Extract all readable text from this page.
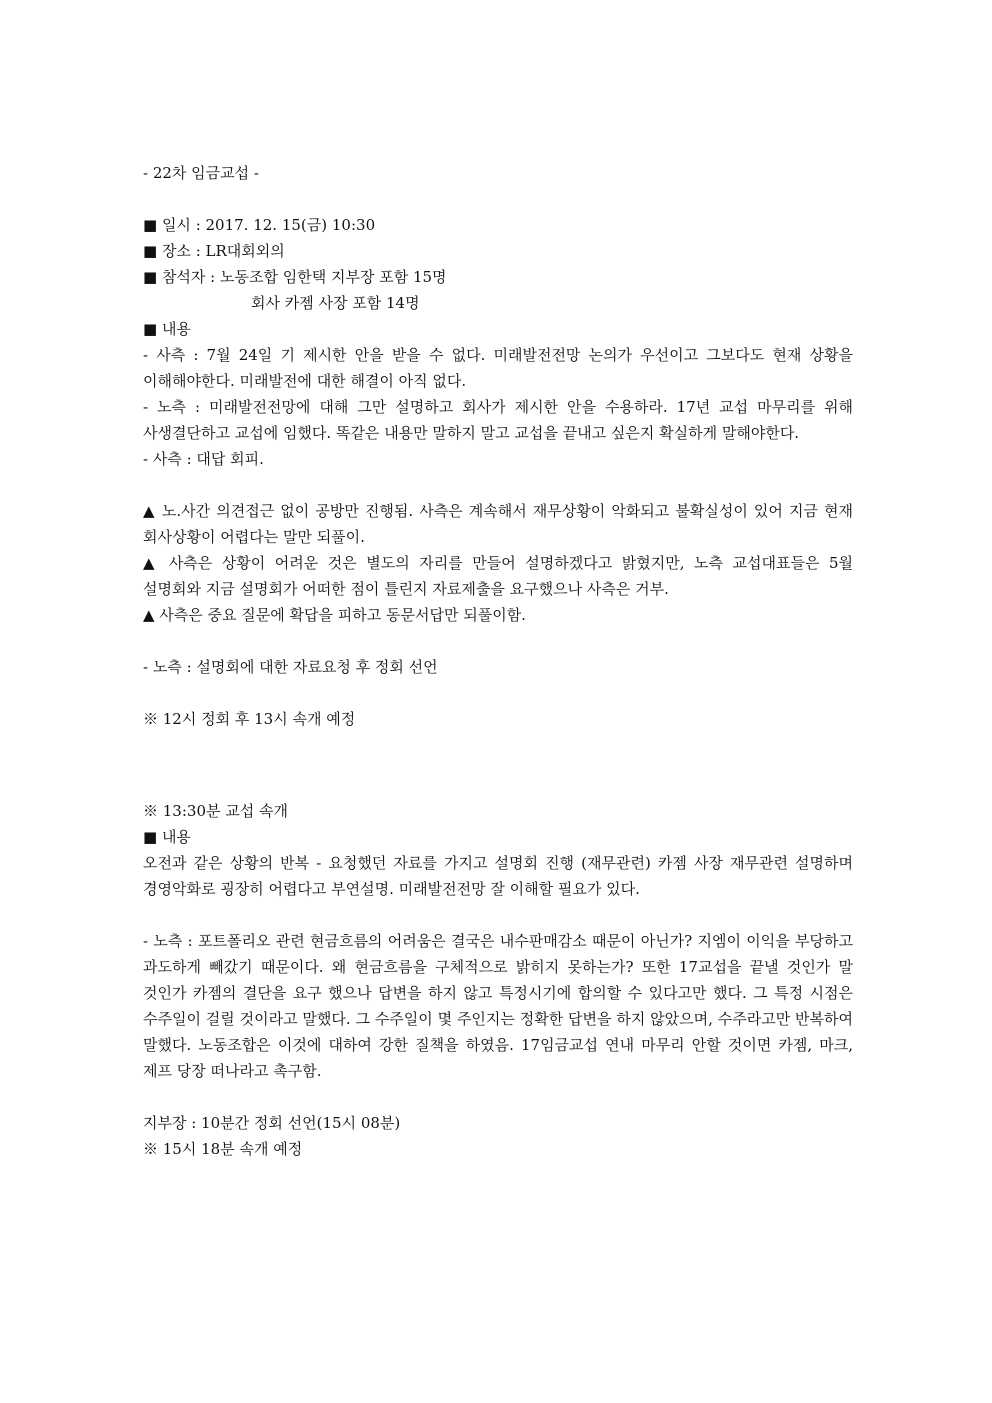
- 22차 임금교섭 -
■ 일시 : 2017. 12. 15(금) 10:30
■ 장소 : LR대회외의
■ 참석자 : 노동조합 임한택 지부장 포함 15명
회사 카젬 사장 포함 14명
■ 내용
- 사측 : 7월 24일 기 제시한 안을 받을 수 없다. 미래발전전망 논의가 우선이고 그보다도 현재 상황을 이해해야한다. 미래발전에 대한 해결이 아직 없다.
- 노측 : 미래발전전망에 대해 그만 설명하고 회사가 제시한 안을 수용하라. 17년 교섭 마무리를 위해 사생결단하고 교섭에 임했다. 똑같은 내용만 말하지 말고 교섭을 끝내고 싶은지 확실하게 말해야한다.
- 사측 : 대답 회피.
▲ 노.사간 의견접근 없이 공방만 진행됨. 사측은 계속해서 재무상황이 악화되고 불확실성이 있어 지금 현재 회사상황이 어렵다는 말만 되풀이.
▲ 사측은 상황이 어려운 것은 별도의 자리를 만들어 설명하겠다고 밝혔지만, 노측 교섭대표들은 5월 설명회와 지금 설명회가 어떠한 점이 틀린지 자료제출을 요구했으나 사측은 거부.
▲ 사측은 중요 질문에 확답을 피하고 동문서답만 되풀이함.
- 노측 : 설명회에 대한 자료요청 후 정회 선언
※ 12시 정회 후 13시 속개 예정
※ 13:30분 교섭 속개
■ 내용
오전과 같은 상황의 반복 - 요청했던 자료를 가지고 설명회 진행 (재무관련) 카젬 사장 재무관련 설명하며 경영악화로 굉장히 어렵다고 부연설명. 미래발전전망 잘 이해할 필요가 있다.
- 노측 : 포트폴리오 관련 현금흐름의 어려움은 결국은 내수판매감소 때문이 아닌가? 지엠이 이익을 부당하고 과도하게 빼갔기 때문이다. 왜 현금흐름을 구체적으로 밝히지 못하는가? 또한 17교섭을 끝낼 것인가 말 것인가 카젬의 결단을 요구 했으나 답변을 하지 않고 특정시기에 합의할 수 있다고만 했다. 그 특정 시점은 수주일이 걸릴 것이라고 말했다. 그 수주일이 몇 주인지는 정확한 답변을 하지 않았으며, 수주라고만 반복하여 말했다. 노동조합은 이것에 대하여 강한 질책을 하였음. 17임금교섭 연내 마무리 안할 것이면 카젬, 마크, 제프 당장 떠나라고 촉구함.
지부장 : 10분간 정회 선언(15시 08분)
※ 15시 18분 속개 예정
